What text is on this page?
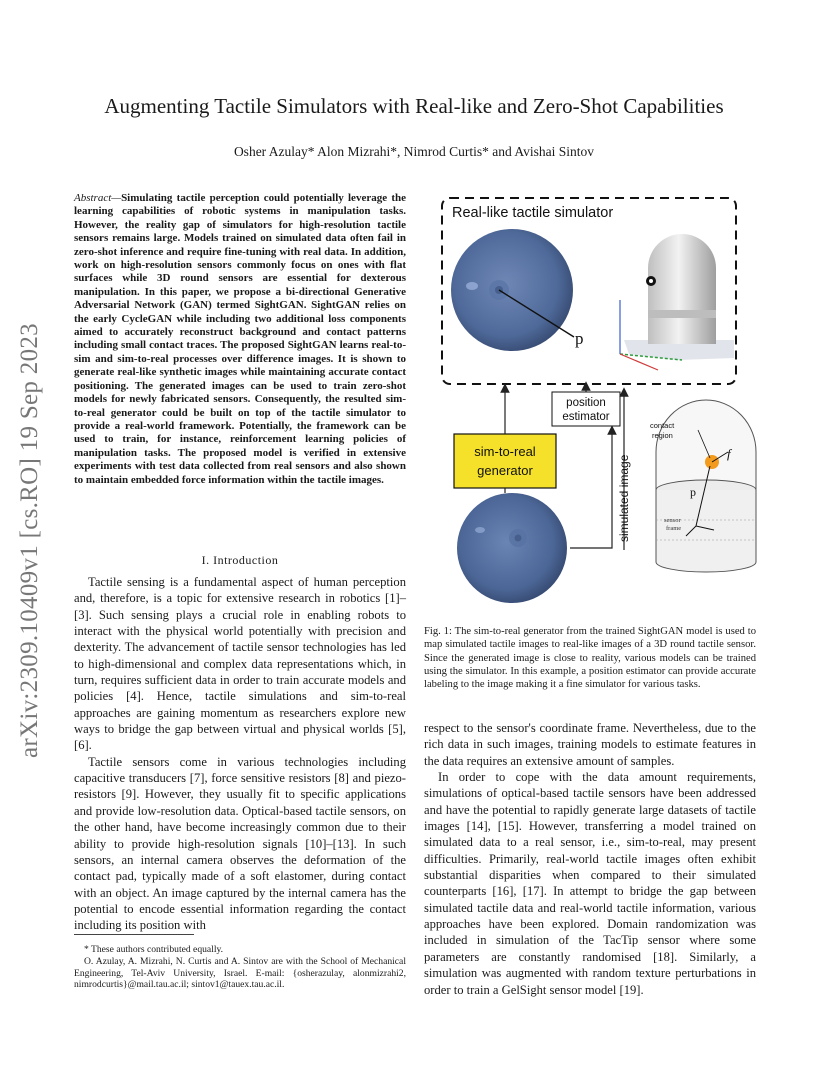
arXiv:2309.10409v1 [cs.RO] 19 Sep 2023
Augmenting Tactile Simulators with Real-like and Zero-Shot Capabilities
Osher Azulay* Alon Mizrahi*, Nimrod Curtis* and Avishai Sintov
Abstract—Simulating tactile perception could potentially leverage the learning capabilities of robotic systems in manipulation tasks. However, the reality gap of simulators for high-resolution tactile sensors remains large. Models trained on simulated data often fail in zero-shot inference and require fine-tuning with real data. In addition, work on high-resolution sensors commonly focus on ones with flat surfaces while 3D round sensors are essential for dexterous manipulation. In this paper, we propose a bi-directional Generative Adversarial Network (GAN) termed SightGAN. SightGAN relies on the early CycleGAN while including two additional loss components aimed to accurately reconstruct background and contact patterns including small contact traces. The proposed SightGAN learns real-to-sim and sim-to-real processes over difference images. It is shown to generate real-like synthetic images while maintaining accurate contact positioning. The generated images can be used to train zero-shot models for newly fabricated sensors. Consequently, the resulted sim-to-real generator could be built on top of the tactile simulator to provide a real-world framework. Potentially, the framework can be used to train, for instance, reinforcement learning policies of manipulation tasks. The proposed model is verified in extensive experiments with test data collected from real sensors and also shown to maintain embedded force information within the tactile images.
I. Introduction

Tactile sensing is a fundamental aspect of human perception and, therefore, is a topic for extensive research in robotics [1]–[3]. Such sensing plays a crucial role in enabling robots to interact with the physical world potentially with precision and dexterity. The advancement of tactile sensor technologies has led to high-dimensional and complex data representations which, in turn, requires sufficient data in order to train accurate models and policies [4]. Hence, tactile simulations and sim-to-real approaches are gaining momentum as researchers explore new ways to bridge the gap between virtual and physical worlds [5], [6].

Tactile sensors come in various technologies including capacitive transducers [7], force sensitive resistors [8] and piezo-resistors [9]. However, they usually fit to specific applications and provide low-resolution data. Optical-based tactile sensors, on the other hand, have become increasingly common due to their ability to provide high-resolution signals [10]–[13]. In such sensors, an internal camera observes the deformation of the contact pad, typically made of a soft elastomer, during contact with an object. An image captured by the internal camera has the potential to encode essential information regarding the contact including its position with

* These authors contributed equally.

O. Azulay, A. Mizrahi, N. Curtis and A. Sintov are with the School of Mechanical Engineering, Tel-Aviv University, Israel. E-mail: {osherazulay, alonmizrahi2, nimrodcurtis}@mail.tau.ac.il; sintov1@tauex.tau.ac.il.

Real-like tactile simulator
p
position
estimator
sim-to-real
generator	simulated image
contact
region
f
p
sensor
frame
Fig. 1: The sim-to-real generator from the trained SightGAN model is used to map simulated tactile images to real-like images of a 3D round tactile sensor. Since the generated image is close to reality, various models can be trained using the simulator. In this example, a position estimator can provide accurate labeling to the image making it a fine simulator for various tasks.

respect to the sensor's coordinate frame. Nevertheless, due to the rich data in such images, training models to estimate features in the data requires an extensive amount of samples.

In order to cope with the data amount requirements, simulations of optical-based tactile sensors have been addressed and have the potential to rapidly generate large datasets of tactile images [14], [15]. However, transferring a model trained on simulated data to a real sensor, i.e., sim-to-real, may present difficulties. Primarily, real-world tactile images often exhibit substantial disparities when compared to their simulated counterparts [16], [17]. In attempt to bridge the gap between simulated tactile data and real-world tactile information, various approaches have been explored. Domain randomization was included in simulation of the TacTip sensor where some parameters are constantly randomised [18]. Similarly, a simulation was augmented with random texture perturbations in order to train a GelSight sensor model [19].
